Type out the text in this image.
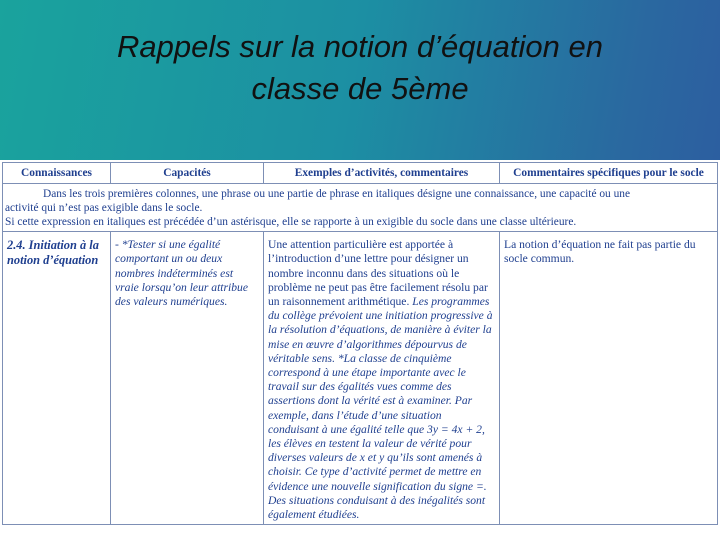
Rappels sur la notion d’équation en
classe de 5ème
Connaissances	Capacités	Exemples d’activités, commentaires	Commentaires spécifiques pour le socle

Dans les trois premières colonnes, une phrase ou une partie de phrase en italiques désigne une connaissance, une capacité ou une
activité qui n’est pas exigible dans le socle.
Si cette expression en italiques est précédée d’un astérisque, elle se rapporte à un exigible du socle dans une classe ultérieure.			

2.4. Initiation à la notion d’équation	- *Tester si une égalité comportant un ou deux nombres indéterminés est vraie lorsqu’on leur attribue des valeurs numériques.	Une attention particulière est apportée à l’introduction d’une lettre pour désigner un nombre inconnu dans des situations où le problème ne peut pas être facilement résolu par un raisonnement arithmétique. Les programmes du collège prévoient une initiation progressive à la résolution d’équations, de manière à éviter la mise en œuvre d’algorithmes dépourvus de véritable sens. *La classe de cinquième correspond à une étape importante avec le travail sur des égalités vues comme des assertions dont la vérité est à examiner. Par exemple, dans l’étude d’une situation conduisant à une égalité telle que 3y = 4x + 2, les élèves en testent la valeur de vérité pour diverses valeurs de x et y qu’ils sont amenés à choisir. Ce type d’activité permet de mettre en évidence une nouvelle signification du signe =. Des situations conduisant à des inégalités sont également étudiées.	La notion d’équation ne fait pas partie du socle commun.
